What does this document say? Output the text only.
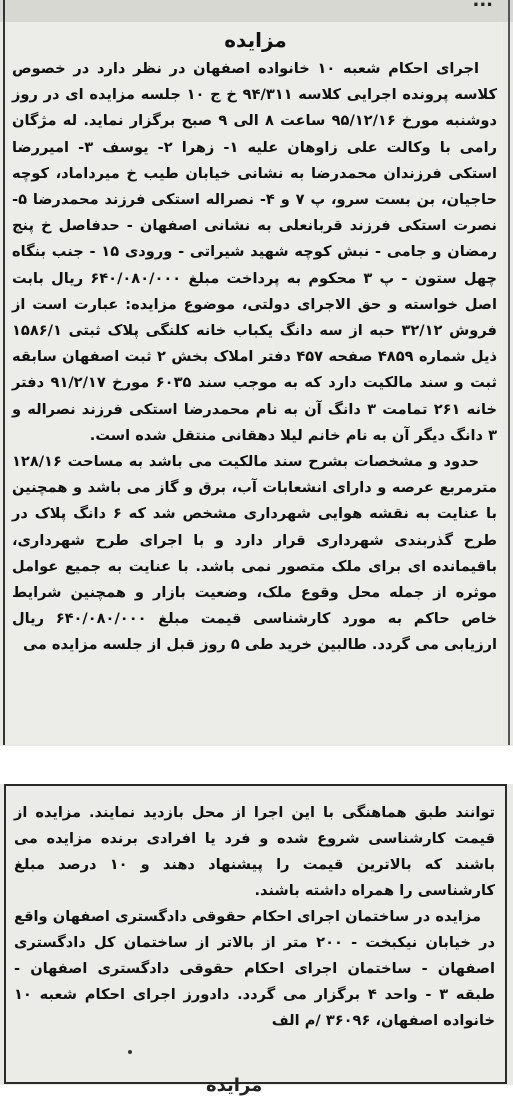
...
مزایده

اجرای احکام شعبه ۱۰ خانواده اصفهان در نظر دارد در خصوص کلاسه پرونده اجرایی کلاسه ۹۴/۳۱۱ خ ج ۱۰ جلسه مزایده ای در روز دوشنبه مورخ ۹۵/۱۲/۱۶ ساعت ۸ الی ۹ صبح برگزار نماید. له مژگان رامی با وکالت علی زاوهان علیه ۱- زهرا ۲- یوسف ۳- امیررضا استکی فرزندان محمدرضا به نشانی خیابان طیب خ میرداماد، کوچه حاجیان، بن بست سرو، پ ۷ و ۴- نصراله استکی فرزند محمدرضا ۵- نصرت استکی فرزند قربانعلی به نشانی اصفهان - حدفاصل خ پنج رمضان و جامی - نبش کوچه شهید شیراتی - ورودی ۱۵ - جنب بنگاه چهل ستون - پ ۳ محکوم به پرداخت مبلغ ۶۴۰/۰۸۰/۰۰۰ ریال بابت اصل خواسته و حق الاجرای دولتی، موضوع مزایده: عبارت است از فروش ۳۲/۱۲ حبه از سه دانگ یکباب خانه کلنگی پلاک ثبتی ۱۵۸۶/۱ ذیل شماره ۴۸۵۹ صفحه ۴۵۷ دفتر املاک بخش ۲ ثبت اصفهان سابقه ثبت و سند مالکیت دارد که به موجب سند ۶۰۳۵ مورخ ۹۱/۲/۱۷ دفتر خانه ۲۶۱ تمامت ۳ دانگ آن به نام محمدرضا استکی فرزند نصراله و ۳ دانگ دیگر آن به نام خانم لیلا دهقانی منتقل شده است.

حدود و مشخصات بشرح سند مالکیت می باشد به مساحت ۱۲۸/۱۶ مترمربع عرصه و دارای انشعابات آب، برق و گاز می باشد و همچنین با عنایت به نقشه هوایی شهرداری مشخص شد که ۶ دانگ پلاک در طرح گذربندی شهرداری قرار دارد و با اجرای طرح شهرداری، باقیمانده ای برای ملک متصور نمی باشد. با عنایت به جمیع عوامل موثره از جمله محل وقوع ملک، وضعیت بازار و همچنین شرایط خاص حاکم به مورد کارشناسی قیمت مبلغ ۶۴۰/۰۸۰/۰۰۰ ریال ارزیابی می گردد. طالبین خرید طی ۵ روز قبل از جلسه مزایده می

توانند طبق هماهنگی با این اجرا از محل بازدید نمایند. مزایده از قیمت کارشناسی شروع شده و فرد یا افرادی برنده مزایده می باشند که بالاترین قیمت را پیشنهاد دهند و ۱۰ درصد مبلغ کارشناسی را همراه داشته باشند.

مزایده در ساختمان اجرای احکام حقوقی دادگستری اصفهان واقع در خیابان نیکبخت - ۲۰۰ متر از بالاتر از ساختمان کل دادگستری اصفهان - ساختمان اجرای احکام حقوقی دادگستری اصفهان - طبقه ۳ - واحد ۴ برگزار می گردد. دادورز اجرای احکام شعبه ۱۰ خانواده اصفهان، ۳۶۰۹۶ /م الف

مزایده
